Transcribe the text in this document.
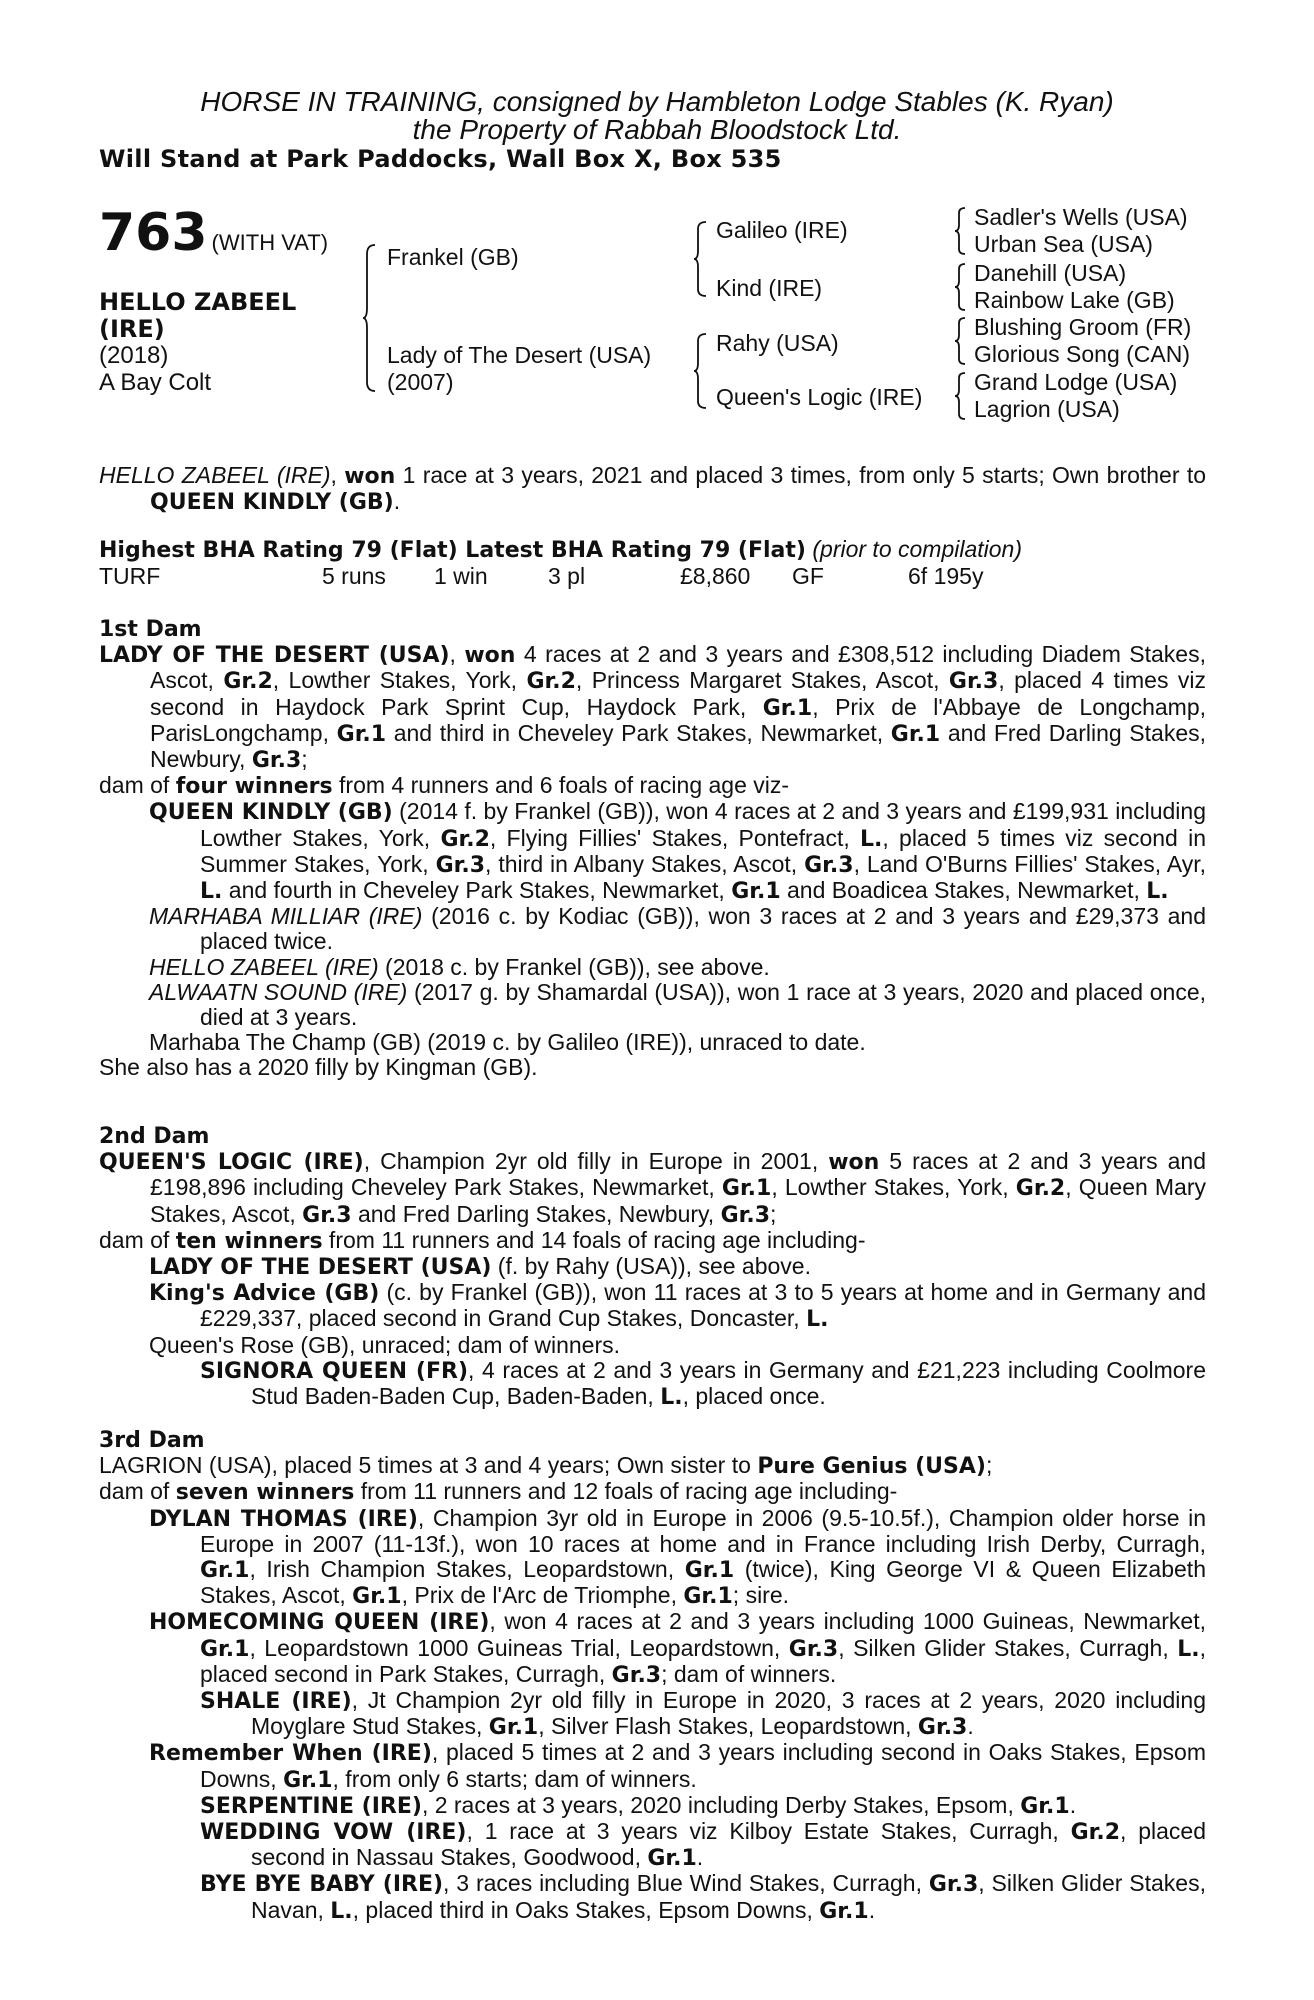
HORSE IN TRAINING, consigned by Hambleton Lodge Stables (K. Ryan)
the Property of Rabbah Bloodstock Ltd.
Will Stand at Park Paddocks, Wall Box X, Box 535
763 (WITH VAT)
HELLO ZABEEL
(IRE)
(2018)
A Bay Colt
Frankel (GB)
Lady of The Desert (USA)
(2007)
Galileo (IRE)
Kind (IRE)
Rahy (USA)
Queen's Logic (IRE)
Sadler's Wells (USA)
Urban Sea (USA)
Danehill (USA)
Rainbow Lake (GB)
Blushing Groom (FR)
Glorious Song (CAN)
Grand Lodge (USA)
Lagrion (USA)

HELLO ZABEEL (IRE), won 1 race at 3 years, 2021 and placed 3 times, from only 5 starts; Own brother to QUEEN KINDLY (GB).

Highest BHA Rating 79 (Flat) Latest BHA Rating 79 (Flat) (prior to compilation)

TURF	5 runs 1 win	3 pl	£8,860 GF	6f 195y

1st Dam

LADY OF THE DESERT (USA), won 4 races at 2 and 3 years and £308,512 including Diadem Stakes, Ascot, Gr.2, Lowther Stakes, York, Gr.2, Princess Margaret Stakes, Ascot, Gr.3, placed 4 times viz second in Haydock Park Sprint Cup, Haydock Park, Gr.1, Prix de l'Abbaye de Longchamp, ParisLongchamp, Gr.1 and third in Cheveley Park Stakes, Newmarket, Gr.1 and Fred Darling Stakes, Newbury, Gr.3;

dam of four winners from 4 runners and 6 foals of racing age viz-

QUEEN KINDLY (GB) (2014 f. by Frankel (GB)), won 4 races at 2 and 3 years and £199,931 including Lowther Stakes, York, Gr.2, Flying Fillies' Stakes, Pontefract, L., placed 5 times viz second in Summer Stakes, York, Gr.3, third in Albany Stakes, Ascot, Gr.3, Land O'Burns Fillies' Stakes, Ayr, L. and fourth in Cheveley Park Stakes, Newmarket, Gr.1 and Boadicea Stakes, Newmarket, L.

MARHABA MILLIAR (IRE) (2016 c. by Kodiac (GB)), won 3 races at 2 and 3 years and £29,373 and placed twice.

HELLO ZABEEL (IRE) (2018 c. by Frankel (GB)), see above.

ALWAATN SOUND (IRE) (2017 g. by Shamardal (USA)), won 1 race at 3 years, 2020 and placed once, died at 3 years.

Marhaba The Champ (GB) (2019 c. by Galileo (IRE)), unraced to date.

She also has a 2020 filly by Kingman (GB).

2nd Dam

QUEEN'S LOGIC (IRE), Champion 2yr old filly in Europe in 2001, won 5 races at 2 and 3 years and £198,896 including Cheveley Park Stakes, Newmarket, Gr.1, Lowther Stakes, York, Gr.2, Queen Mary Stakes, Ascot, Gr.3 and Fred Darling Stakes, Newbury, Gr.3;

dam of ten winners from 11 runners and 14 foals of racing age including-

LADY OF THE DESERT (USA) (f. by Rahy (USA)), see above.

King's Advice (GB) (c. by Frankel (GB)), won 11 races at 3 to 5 years at home and in Germany and £229,337, placed second in Grand Cup Stakes, Doncaster, L.

Queen's Rose (GB), unraced; dam of winners.

SIGNORA QUEEN (FR), 4 races at 2 and 3 years in Germany and £21,223 including Coolmore Stud Baden-Baden Cup, Baden-Baden, L., placed once.

3rd Dam

LAGRION (USA), placed 5 times at 3 and 4 years; Own sister to Pure Genius (USA);

dam of seven winners from 11 runners and 12 foals of racing age including-

DYLAN THOMAS (IRE), Champion 3yr old in Europe in 2006 (9.5-10.5f.), Champion older horse in Europe in 2007 (11-13f.), won 10 races at home and in France including Irish Derby, Curragh, Gr.1, Irish Champion Stakes, Leopardstown, Gr.1 (twice), King George VI & Queen Elizabeth Stakes, Ascot, Gr.1, Prix de l'Arc de Triomphe, Gr.1; sire.

HOMECOMING QUEEN (IRE), won 4 races at 2 and 3 years including 1000 Guineas, Newmarket, Gr.1, Leopardstown 1000 Guineas Trial, Leopardstown, Gr.3, Silken Glider Stakes, Curragh, L., placed second in Park Stakes, Curragh, Gr.3; dam of winners.

SHALE (IRE), Jt Champion 2yr old filly in Europe in 2020, 3 races at 2 years, 2020 including Moyglare Stud Stakes, Gr.1, Silver Flash Stakes, Leopardstown, Gr.3.

Remember When (IRE), placed 5 times at 2 and 3 years including second in Oaks Stakes, Epsom Downs, Gr.1, from only 6 starts; dam of winners.

SERPENTINE (IRE), 2 races at 3 years, 2020 including Derby Stakes, Epsom, Gr.1.

WEDDING VOW (IRE), 1 race at 3 years viz Kilboy Estate Stakes, Curragh, Gr.2, placed second in Nassau Stakes, Goodwood, Gr.1.

BYE BYE BABY (IRE), 3 races including Blue Wind Stakes, Curragh, Gr.3, Silken Glider Stakes, Navan, L., placed third in Oaks Stakes, Epsom Downs, Gr.1.
